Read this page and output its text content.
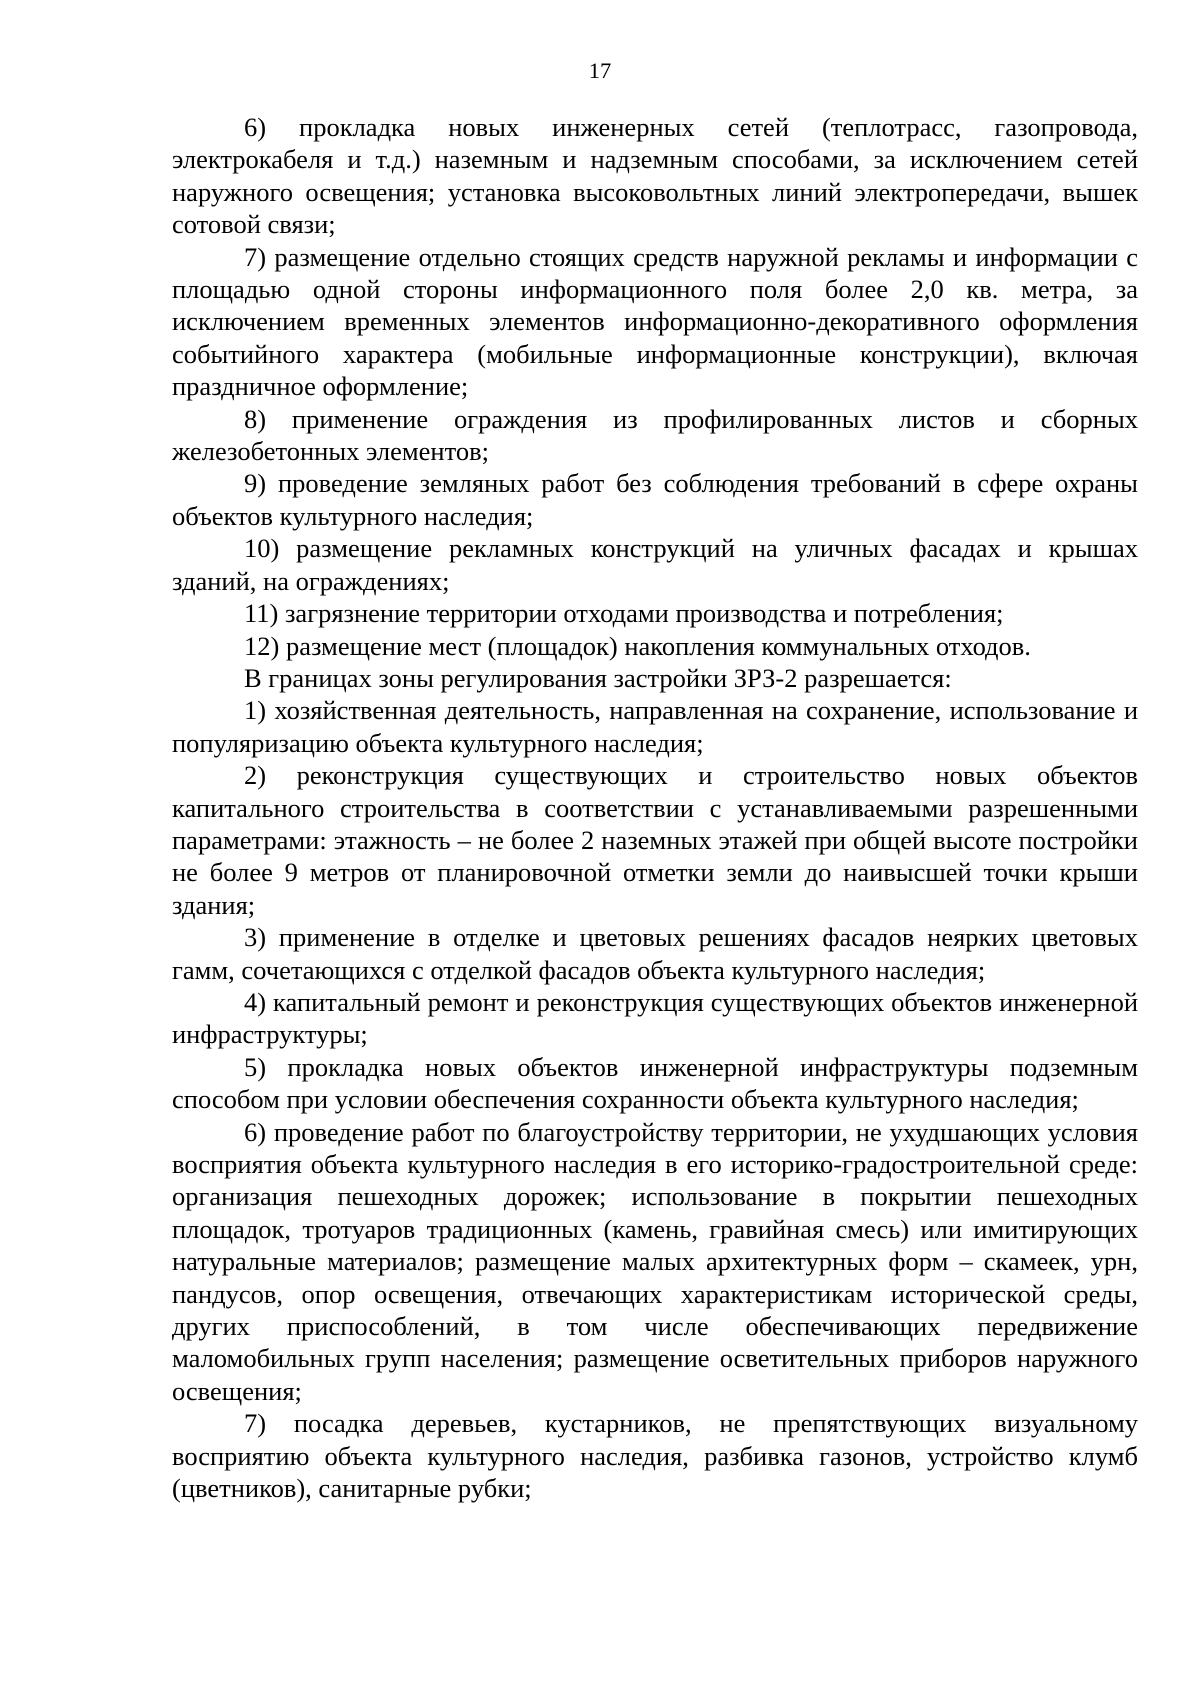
17

6) прокладка новых инженерных сетей (теплотрасс, газопровода, электрокабеля и т.д.) наземным и надземным способами, за исключением сетей наружного освещения; установка высоковольтных линий электропередачи, вышек сотовой связи;

7) размещение отдельно стоящих средств наружной рекламы и информации с площадью одной стороны информационного поля более 2,0 кв. метра, за исключением временных элементов информационно-декоративного оформления событийного характера (мобильные информационные конструкции), включая праздничное оформление;

8) применение ограждения из профилированных листов и сборных железобетонных элементов;

9) проведение земляных работ без соблюдения требований в сфере охраны объектов культурного наследия;

10) размещение рекламных конструкций на уличных фасадах и крышах зданий, на ограждениях;

11) загрязнение территории отходами производства и потребления;

12) размещение мест (площадок) накопления коммунальных отходов.

В границах зоны регулирования застройки ЗРЗ-2 разрешается:

1) хозяйственная деятельность, направленная на сохранение, использование и популяризацию объекта культурного наследия;

2) реконструкция существующих и строительство новых объектов капитального строительства в соответствии с устанавливаемыми разрешенными параметрами: этажность – не более 2 наземных этажей при общей высоте постройки не более 9 метров от планировочной отметки земли до наивысшей точки крыши здания;

3) применение в отделке и цветовых решениях фасадов неярких цветовых гамм, сочетающихся с отделкой фасадов объекта культурного наследия;

4) капитальный ремонт и реконструкция существующих объектов инженерной инфраструктуры;

5) прокладка новых объектов инженерной инфраструктуры подземным способом при условии обеспечения сохранности объекта культурного наследия;

6) проведение работ по благоустройству территории, не ухудшающих условия восприятия объекта культурного наследия в его историко-градостроительной среде: организация пешеходных дорожек; использование в покрытии пешеходных площадок, тротуаров традиционных (камень, гравийная смесь) или имитирующих натуральные материалов; размещение малых архитектурных форм – скамеек, урн, пандусов, опор освещения, отвечающих характеристикам исторической среды, других приспособлений, в том числе обеспечивающих передвижение маломобильных групп населения; размещение осветительных приборов наружного освещения;

7) посадка деревьев, кустарников, не препятствующих визуальному восприятию объекта культурного наследия, разбивка газонов, устройство клумб (цветников), санитарные рубки;
